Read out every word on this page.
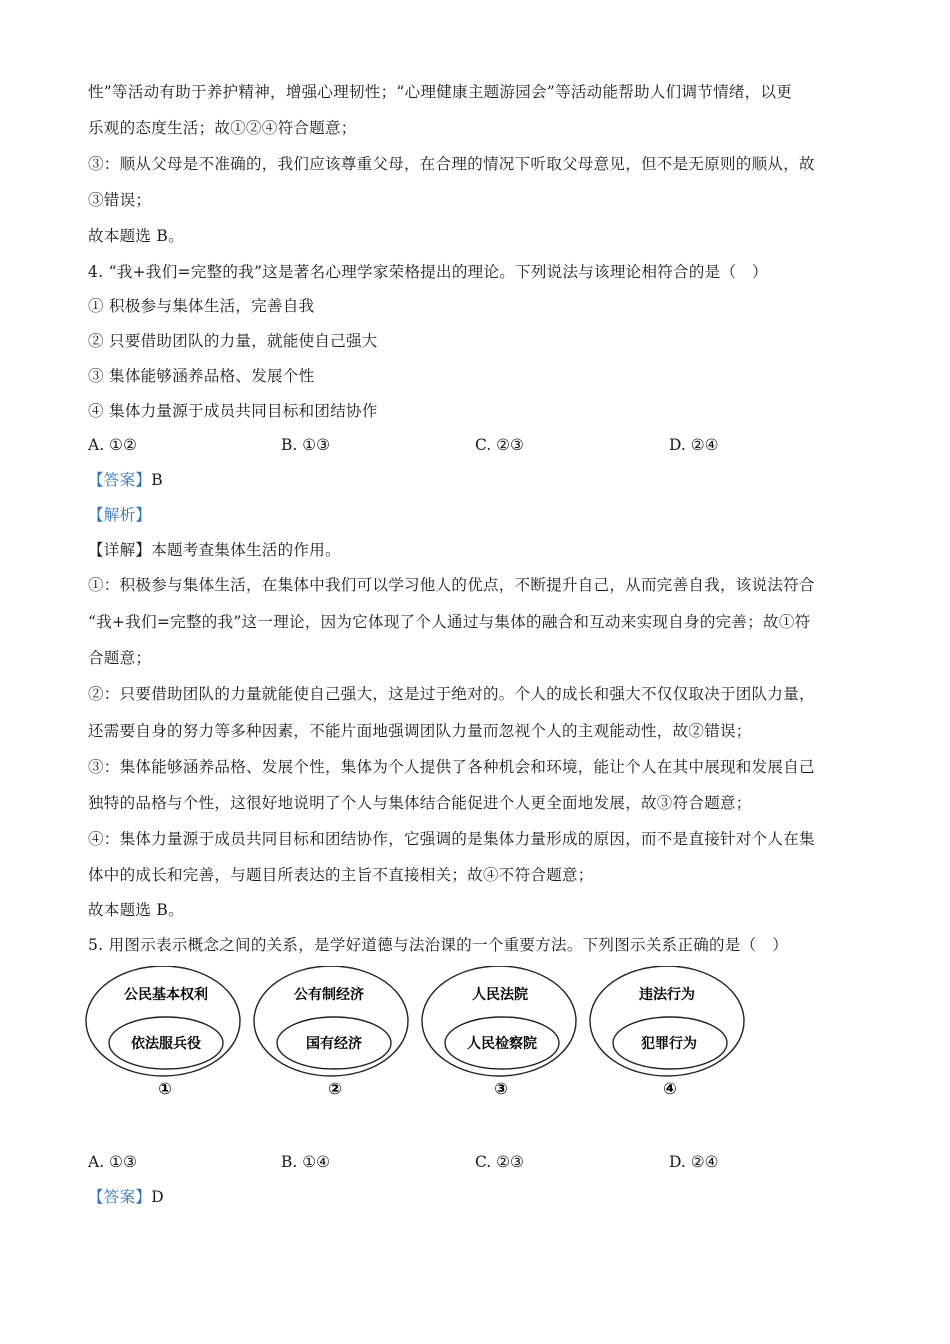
性”等活动有助于养护精神，增强心理韧性；“心理健康主题游园会”等活动能帮助人们调节情绪，以更
乐观的态度生活；故①②④符合题意；
③：顺从父母是不准确的，我们应该尊重父母，在合理的情况下听取父母意见，但不是无原则的顺从，故
③错误；
故本题选 B。
4. “我+我们=完整的我”这是著名心理学家荣格提出的理论。下列说法与该理论相符合的是（　）
① 积极参与集体生活，完善自我
② 只要借助团队的力量，就能使自己强大
③ 集体能够涵养品格、发展个性
④ 集体力量源于成员共同目标和团结协作
A. ①②	B. ①③	C. ②③	D. ②④
【答案】B
【解析】
【详解】本题考查集体生活的作用。
①：积极参与集体生活，在集体中我们可以学习他人的优点，不断提升自己，从而完善自我，该说法符合
“我+我们=完整的我”这一理论，因为它体现了个人通过与集体的融合和互动来实现自身的完善；故①符
合题意；
②：只要借助团队的力量就能使自己强大，这是过于绝对的。个人的成长和强大不仅仅取决于团队力量，
还需要自身的努力等多种因素，不能片面地强调团队力量而忽视个人的主观能动性，故②错误；
③：集体能够涵养品格、发展个性，集体为个人提供了各种机会和环境，能让个人在其中展现和发展自己
独特的品格与个性，这很好地说明了个人与集体结合能促进个人更全面地发展，故③符合题意；
④：集体力量源于成员共同目标和团结协作，它强调的是集体力量形成的原因，而不是直接针对个人在集
体中的成长和完善，与题目所表达的主旨不直接相关；故④不符合题意；
故本题选 B。
5. 用图示表示概念之间的关系，是学好道德与法治课的一个重要方法。下列图示关系正确的是（　）
公民基本权利
依法服兵役
①
公有制经济
国有经济
②
人民法院
人民检察院
③
违法行为
犯罪行为
④
A. ①③	B. ①④	C. ②③	D. ②④
【答案】D
